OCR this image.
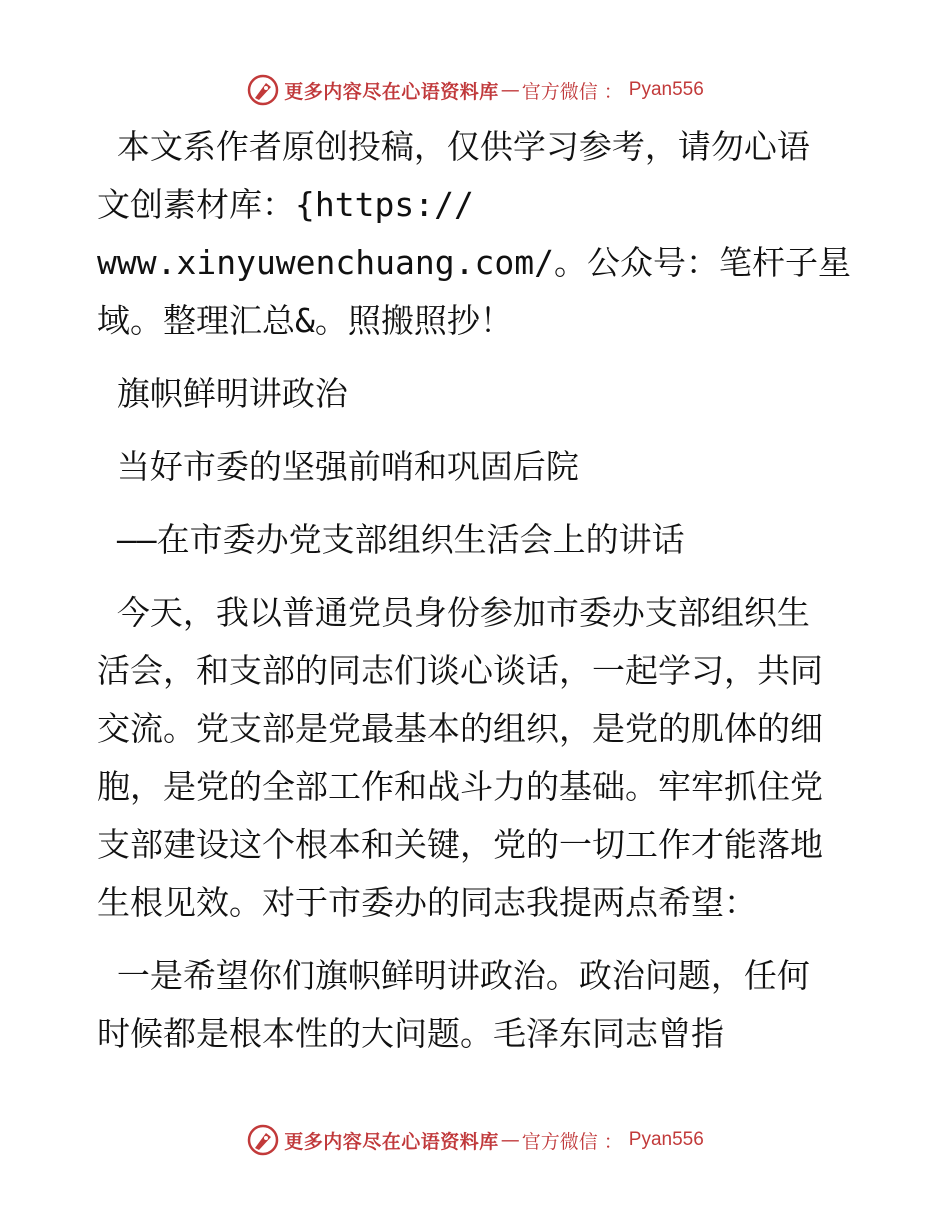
更多内容尽在心语资料库 — 官方微信 ： Pyan556

本文系作者原创投稿，仅供学习参考，请勿心语
文创素材库：{https://
www.xinyuwenchuang.com/。公众号：笔杆子星
域。整理汇总&。照搬照抄！

旗帜鲜明讲政治

当好市委的坚强前哨和巩固后院

——在市委办党支部组织生活会上的讲话

今天，我以普通党员身份参加市委办支部组织生
活会，和支部的同志们谈心谈话，一起学习，共同
交流。党支部是党最基本的组织，是党的肌体的细
胞，是党的全部工作和战斗力的基础。牢牢抓住党
支部建设这个根本和关键，党的一切工作才能落地
生根见效。对于市委办的同志我提两点希望：

一是希望你们旗帜鲜明讲政治。政治问题，任何
时候都是根本性的大问题。毛泽东同志曾指

更多内容尽在心语资料库 — 官方微信 ： Pyan556
